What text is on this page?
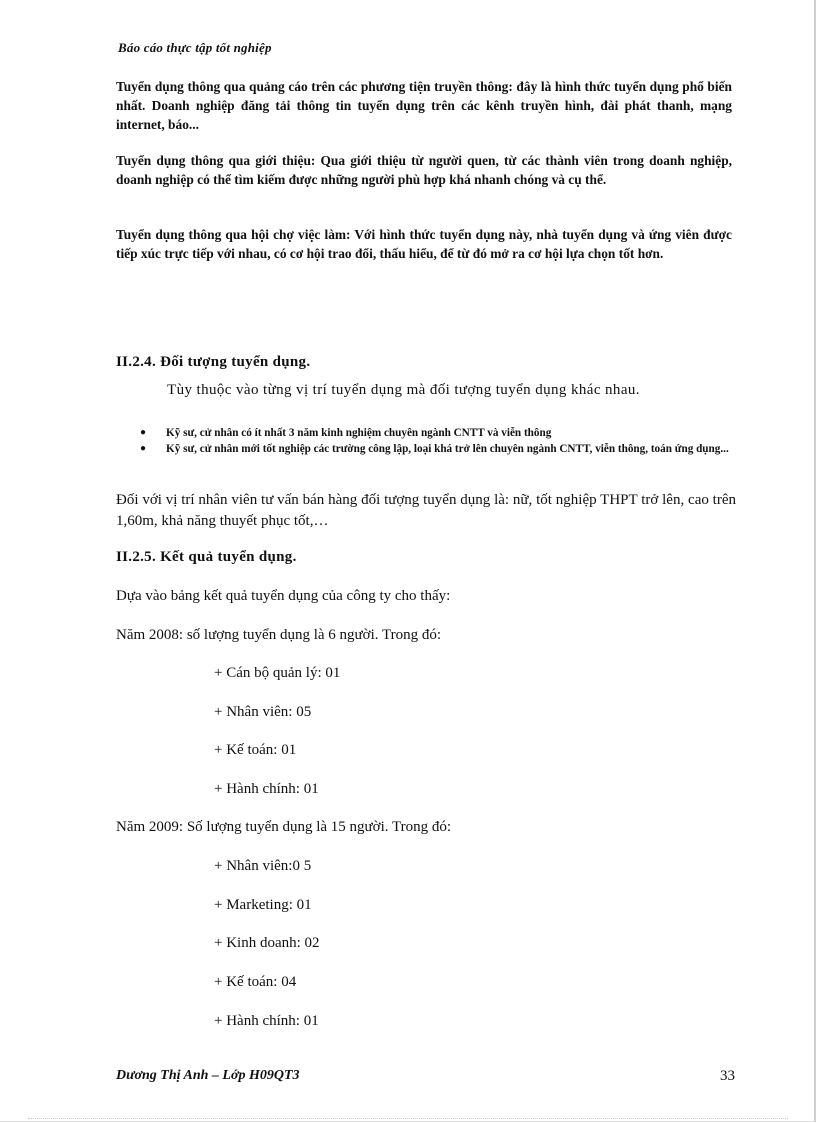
Báo cáo thực tập tốt nghiệp
Tuyển dụng thông qua quảng cáo trên các phương tiện truyền thông: đây là hình thức tuyển dụng phổ biến nhất. Doanh nghiệp đăng tải thông tin tuyển dụng trên các kênh truyền hình, đài phát thanh, mạng internet, báo...
Tuyển dụng thông qua giới thiệu: Qua giới thiệu từ người quen, từ các thành viên trong doanh nghiệp, doanh nghiệp có thể tìm kiếm được những người phù hợp khá nhanh chóng và cụ thể.
Tuyển dụng thông qua hội chợ việc làm: Với hình thức tuyển dụng này, nhà tuyển dụng và ứng viên được tiếp xúc trực tiếp với nhau, có cơ hội trao đổi, thấu hiểu, để từ đó mở ra cơ hội lựa chọn tốt hơn.
II.2.4. Đối tượng tuyển dụng.
Tùy thuộc vào từng vị trí tuyển dụng mà đối tượng tuyển dụng khác nhau.
● Kỹ sư, cử nhân có ít nhất 3 năm kinh nghiệm chuyên ngành CNTT và viễn thông
● Kỹ sư, cử nhân mới tốt nghiệp các trường công lập, loại khá trở lên chuyên ngành CNTT, viễn thông, toán ứng dụng...
Đối với vị trí nhân viên tư vấn bán hàng đối tượng tuyển dụng là: nữ, tốt nghiệp THPT trở lên, cao trên 1,60m, khả năng thuyết phục tốt,…
II.2.5. Kết quả tuyển dụng.
Dựa vào bảng kết quả tuyển dụng của công ty cho thấy:
Năm 2008: số lượng tuyển dụng là 6 người. Trong đó:
+ Cán bộ quản lý: 01
+ Nhân viên: 05
+ Kế toán: 01
+ Hành chính: 01
Năm 2009: Số lượng tuyển dụng là 15 người. Trong đó:
+ Nhân viên:0 5
+ Marketing: 01
+ Kinh doanh: 02
+ Kế toán: 04
+ Hành chính: 01
Dương Thị Anh – Lớp H09QT3	33
